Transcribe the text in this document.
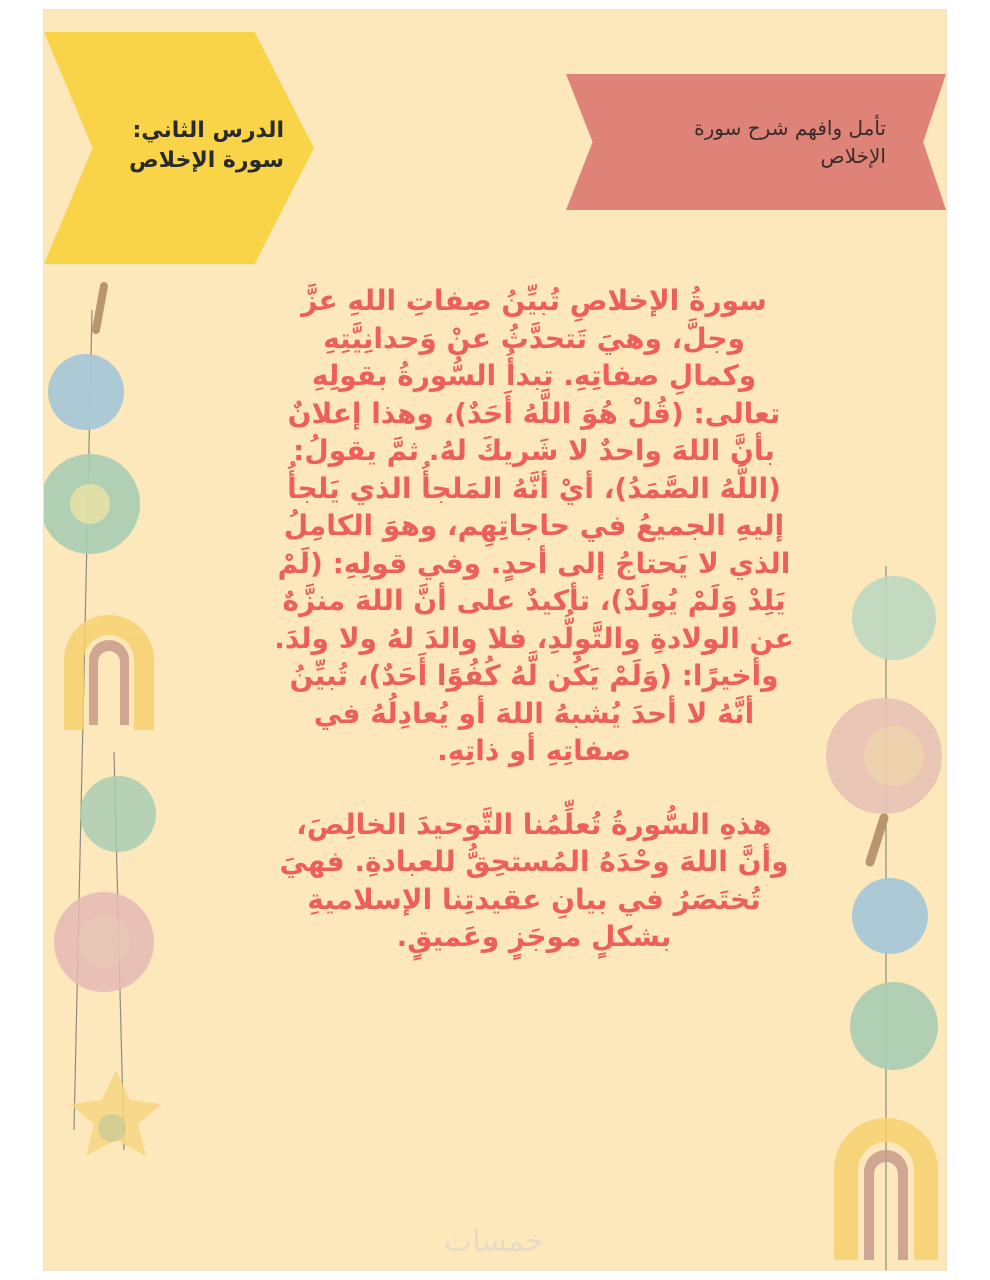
الدرس الثاني:
سورة الإخلاص
تأمل وافهم شرح سورة
الإخلاص
سورةُ الإخلاصِ تُبيِّنُ صِفاتِ اللهِ عزَّ
وجلَّ، وهيَ تَتحدَّثُ عنْ وَحدانِيَّتِهِ
وكمالِ صفاتِهِ. تبدأُ السُّورةُ بقولِهِ
تعالى: (قُلْ هُوَ اللَّهُ أَحَدٌ)، وهذا إعلانٌ
بأنَّ اللهَ واحدٌ لا شَريكَ لهُ. ثمَّ يقولُ:
(اللَّهُ الصَّمَدُ)، أيْ أنَّهُ المَلجأُ الذي يَلجأُ
إليهِ الجميعُ في حاجاتِهِم، وهوَ الكامِلُ
الذي لا يَحتاجُ إلى أحدٍ. وفي قولِهِ: (لَمْ
يَلِدْ وَلَمْ يُولَدْ)، تأكيدٌ على أنَّ اللهَ منزَّهٌ
عن الولادةِ والتَّولُّدِ، فلا والدَ لهُ ولا ولدَ.
وأخيرًا: (وَلَمْ يَكُن لَّهُ كُفُوًا أَحَدٌ)، تُبيِّنُ
أنَّهُ لا أحدَ يُشبهُ اللهَ أو يُعادِلُهُ في
صفاتِهِ أو ذاتِهِ.
هذهِ السُّورةُ تُعلِّمُنا التَّوحيدَ الخالِصَ،
وأنَّ اللهَ وحْدَهُ المُستحِقُّ للعبادةِ. فهيَ
تُختَصَرُ في بيانِ عقيدتِنا الإسلاميةِ
بشكلٍ موجَزٍ وعَميقٍ.
خمسات
